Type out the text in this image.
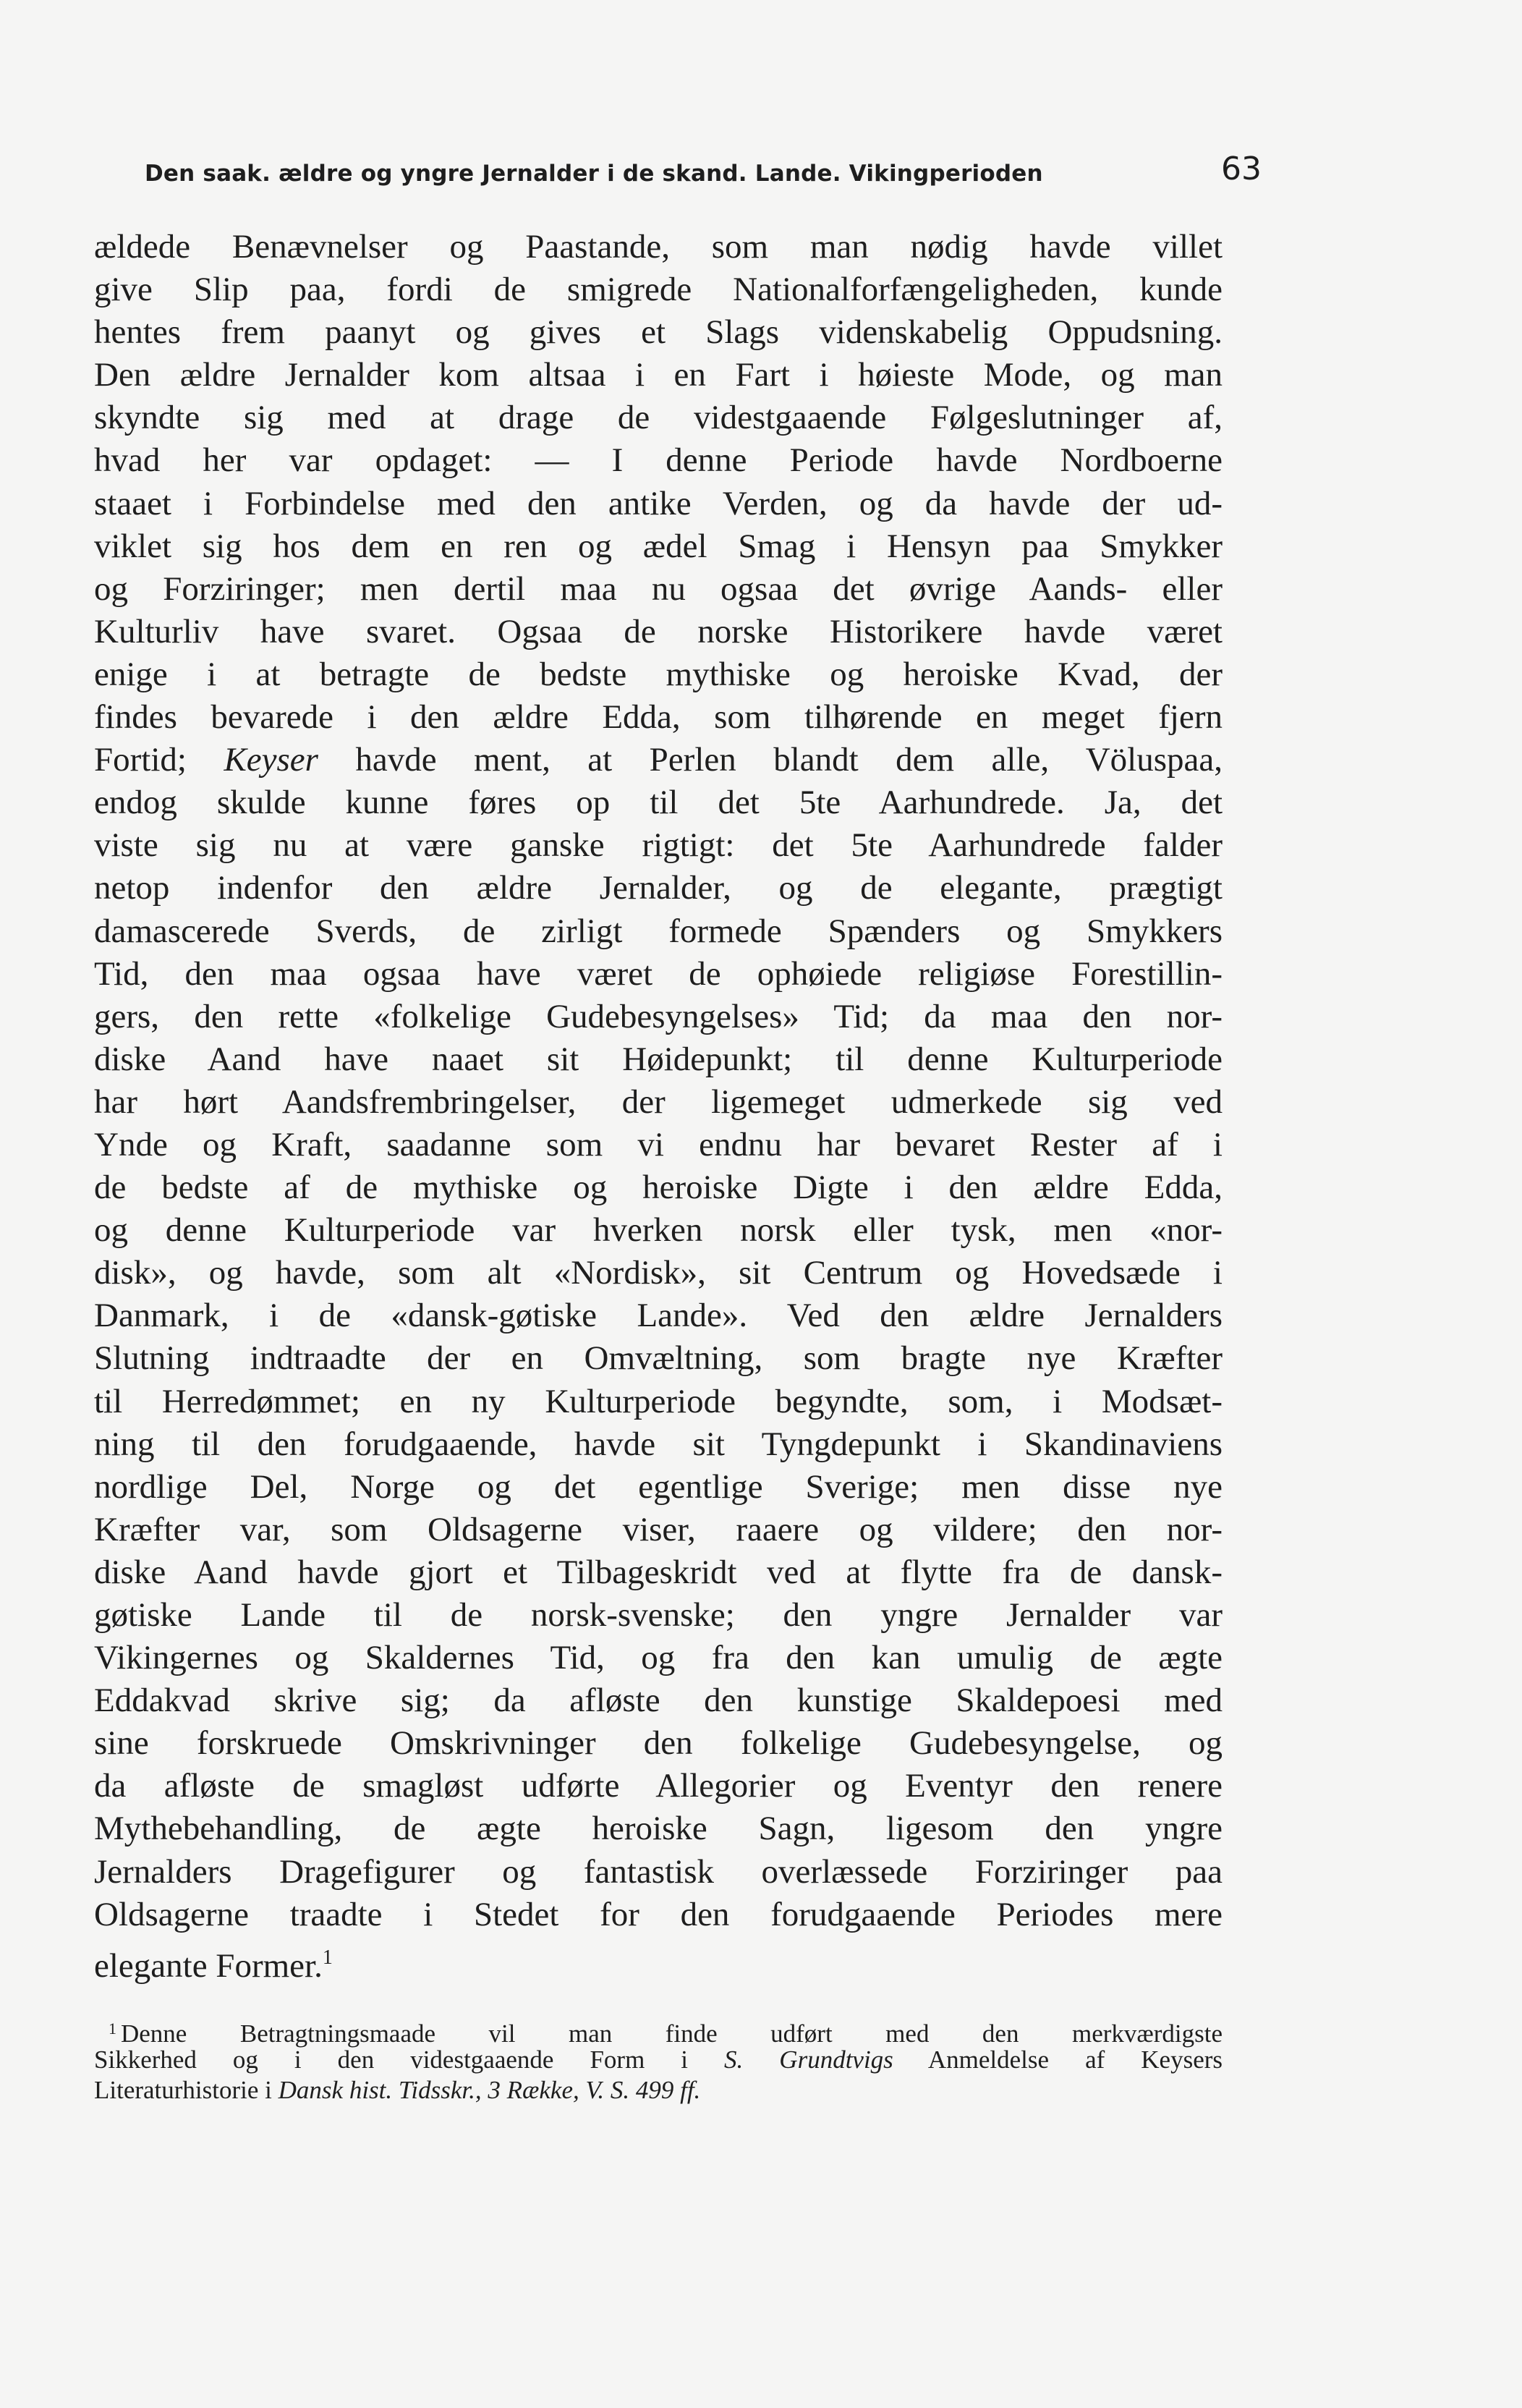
Den saak. ældre og yngre Jernalder i de skand. Lande. Vikingperioden	63
ældede Benævnelser og Paastande, som man nødig havde villet
give Slip paa, fordi de smigrede Nationalforfængeligheden, kunde
hentes frem paanyt og gives et Slags videnskabelig Oppudsning.
Den ældre Jernalder kom altsaa i en Fart i høieste Mode, og man
skyndte sig med at drage de videstgaaende Følgeslutninger af,
hvad her var opdaget: — I denne Periode havde Nordboerne
staaet i Forbindelse med den antike Verden, og da havde der ud-
viklet sig hos dem en ren og ædel Smag i Hensyn paa Smykker
og Forziringer; men dertil maa nu ogsaa det øvrige Aands- eller
Kulturliv have svaret. Ogsaa de norske Historikere havde været
enige i at betragte de bedste mythiske og heroiske Kvad, der
findes bevarede i den ældre Edda, som tilhørende en meget fjern
Fortid; Keyser havde ment, at Perlen blandt dem alle, Völuspaa,
endog skulde kunne føres op til det 5te Aarhundrede. Ja, det
viste sig nu at være ganske rigtigt: det 5te Aarhundrede falder
netop indenfor den ældre Jernalder, og de elegante, prægtigt
damascerede Sverds, de zirligt formede Spænders og Smykkers
Tid, den maa ogsaa have været de ophøiede religiøse Forestillin-
gers, den rette «folkelige Gudebesyngelses» Tid; da maa den nor-
diske Aand have naaet sit Høidepunkt; til denne Kulturperiode
har hørt Aandsfrembringelser, der ligemeget udmerkede sig ved
Ynde og Kraft, saadanne som vi endnu har bevaret Rester af i
de bedste af de mythiske og heroiske Digte i den ældre Edda,
og denne Kulturperiode var hverken norsk eller tysk, men «nor-
disk», og havde, som alt «Nordisk», sit Centrum og Hovedsæde i
Danmark, i de «dansk-gøtiske Lande». Ved den ældre Jernalders
Slutning indtraadte der en Omvæltning, som bragte nye Kræfter
til Herredømmet; en ny Kulturperiode begyndte, som, i Modsæt-
ning til den forudgaaende, havde sit Tyngdepunkt i Skandinaviens
nordlige Del, Norge og det egentlige Sverige; men disse nye
Kræfter var, som Oldsagerne viser, raaere og vildere; den nor-
diske Aand havde gjort et Tilbageskridt ved at flytte fra de dansk-
gøtiske Lande til de norsk-svenske; den yngre Jernalder var
Vikingernes og Skaldernes Tid, og fra den kan umulig de ægte
Eddakvad skrive sig; da afløste den kunstige Skaldepoesi med
sine forskruede Omskrivninger den folkelige Gudebesyngelse, og
da afløste de smagløst udførte Allegorier og Eventyr den renere
Mythebehandling, de ægte heroiske Sagn, ligesom den yngre
Jernalders Dragefigurer og fantastisk overlæssede Forziringer paa
Oldsagerne traadte i Stedet for den forudgaaende Periodes mere
elegante Former.$^1$
$^1$ Denne Betragtningsmaade vil man finde udført med den merkværdigste
Sikkerhed og i den videstgaaende Form i S. Grundtvigs Anmeldelse af Keysers
Literaturhistorie i Dansk hist. Tidsskr., 3 Række, V. S. 499 ff.
